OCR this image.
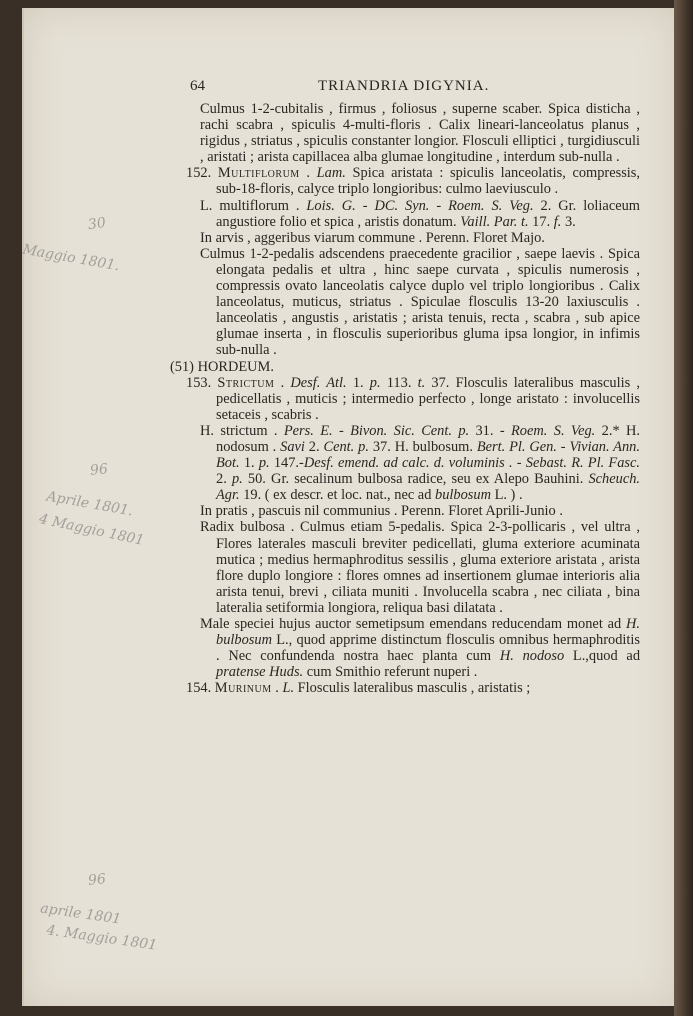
64	TRIANDRIA DIGYNIA.

Culmus 1-2-cubitalis , firmus , foliosus , superne scaber. Spica disticha , rachi scabra , spiculis 4-multi-floris . Calix lineari-lanceolatus planus , rigidus , striatus , spiculis constanter longior. Flosculi elliptici , turgidiusculi , aristati ; arista capillacea alba glumae longitudine , interdum sub-nulla .

152. Multiflorum . Lam. Spica aristata : spiculis lanceolatis, compressis, sub-18-floris, calyce triplo longioribus: culmo laeviusculo .

L. multiflorum . Lois. G. - DC. Syn. - Roem. S. Veg. 2. Gr. loliaceum angustiore folio et spica , aristis donatum. Vaill. Par. t. 17. f. 3.

In arvis , aggeribus viarum commune . Perenn. Floret Majo.

Culmus 1-2-pedalis adscendens praecedente gracilior , saepe laevis . Spica elongata pedalis et ultra , hinc saepe curvata , spiculis numerosis , compressis ovato lanceolatis calyce duplo vel triplo longioribus . Calix lanceolatus, muticus, striatus . Spiculae flosculis 13-20 laxiusculis . lanceolatis , angustis , aristatis ; arista tenuis, recta , scabra , sub apice glumae inserta , in flosculis superioribus gluma ipsa longior, in infimis sub-nulla .

(51) HORDEUM.

153. Strictum . Desf. Atl. 1. p. 113. t. 37. Flosculis lateralibus masculis , pedicellatis , muticis ; intermedio perfecto , longe aristato : involucellis setaceis , scabris .

H. strictum . Pers. E. - Bivon. Sic. Cent. p. 31. - Roem. S. Veg. 2.* H. nodosum . Savi 2. Cent. p. 37. H. bulbosum. Bert. Pl. Gen. - Vivian. Ann. Bot. 1. p. 147.-Desf. emend. ad calc. d. voluminis . - Sebast. R. Pl. Fasc. 2. p. 50. Gr. secalinum bulbosa radice, seu ex Alepo Bauhini. Scheuch. Agr. 19. ( ex descr. et loc. nat., nec ad bulbosum L. ) .

In pratis , pascuis nil communius . Perenn. Floret Aprili-Junio .

Radix bulbosa . Culmus etiam 5-pedalis. Spica 2-3-pollicaris , vel ultra , Flores laterales masculi breviter pedicellati, gluma exteriore acuminata mutica ; medius hermaphroditus sessilis , gluma exteriore aristata , arista flore duplo longiore : flores omnes ad insertionem glumae interioris alia arista tenui, brevi , ciliata muniti . Involucella scabra , nec ciliata , bina lateralia setiformia longiora, reliqua basi dilatata .

Male speciei hujus auctor semetipsum emendans reducendam monet ad H. bulbosum L., quod apprime distinctum flosculis omnibus hermaphroditis . Nec confundenda nostra haec planta cum H. nodoso L.,quod ad pratense Huds. cum Smithio referunt nuperi .

154. Murinum . L. Flosculis lateralibus masculis , aristatis ;

30
Maggio 1801.
96
Aprile 1801.
4 Maggio 1801
96
aprile 1801
4. Maggio 1801
